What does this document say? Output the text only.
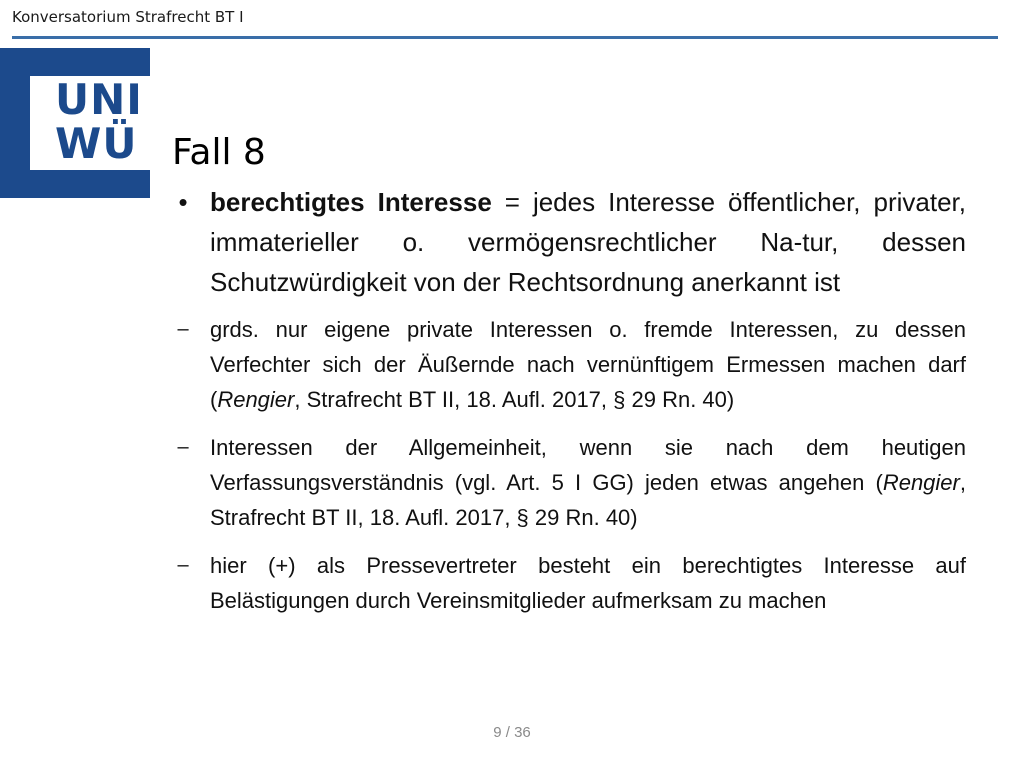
Konversatorium Strafrecht BT I
UNI
WÜ Fall 8
• berechtigtes Interesse = jedes Interesse öffentlicher, privater, immaterieller o. vermögensrechtlicher Na-tur, dessen Schutzwürdigkeit von der Rechtsordnung anerkannt ist
– grds. nur eigene private Interessen o. fremde Interessen, zu dessen Verfechter sich der Äußernde nach vernünftigem Ermessen machen darf (Rengier, Strafrecht BT II, 18. Aufl. 2017, § 29 Rn. 40)
– Interessen der Allgemeinheit, wenn sie nach dem heutigen Verfassungsverständnis (vgl. Art. 5 I GG) jeden etwas angehen (Rengier, Strafrecht BT II, 18. Aufl. 2017, § 29 Rn. 40)
– hier (+) als Pressevertreter besteht ein berechtigtes Interesse auf Belästigungen durch Vereinsmitglieder aufmerksam zu machen
9 / 36
